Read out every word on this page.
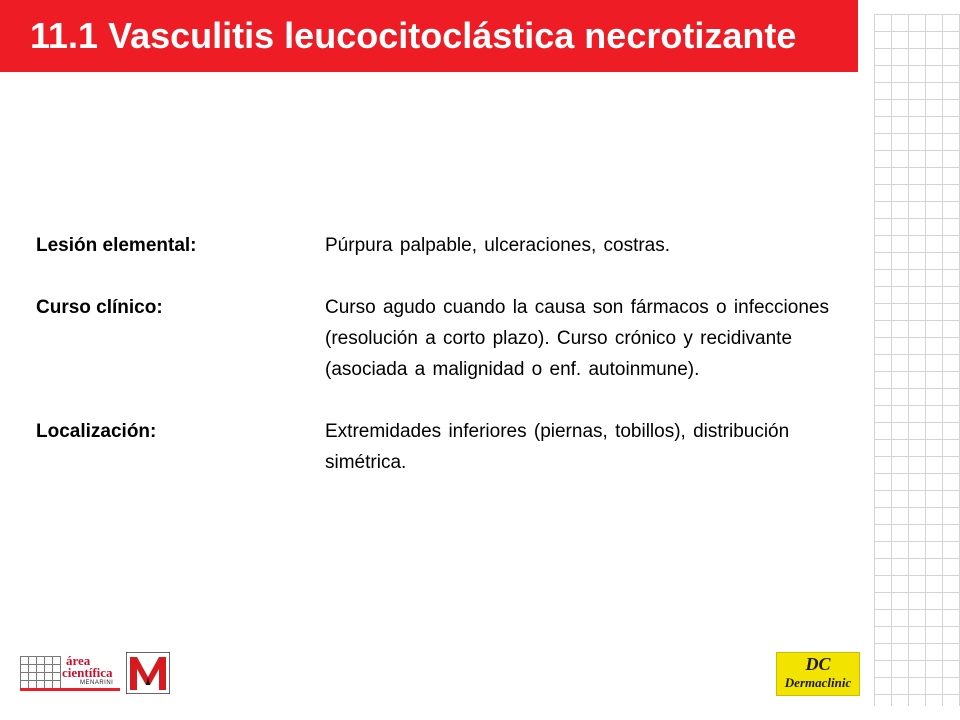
11.1 Vasculitis leucocitoclástica necrotizante
Lesión elemental:	Púrpura palpable, ulceraciones, costras.
Curso clínico:	Curso agudo cuando la causa son fármacos o infecciones (resolución a corto plazo). Curso crónico y recidivante (asociada a malignidad o enf. autoinmune).
Localización:	Extremidades inferiores (piernas, tobillos), distribución simétrica.
área
científica
MENARINI
DC
Dermaclinic
